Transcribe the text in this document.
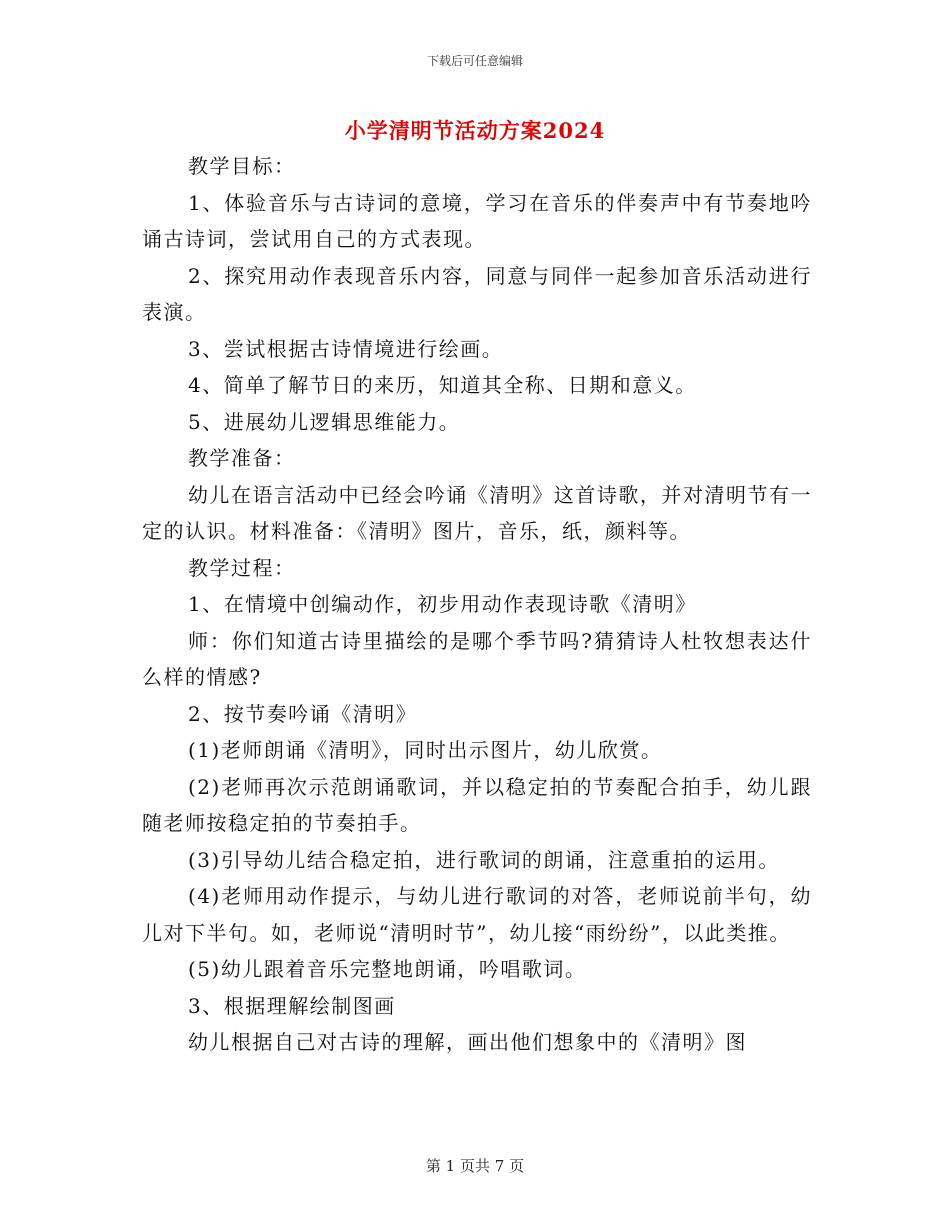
下载后可任意编辑
小学清明节活动方案2024

教学目标：

1、体验音乐与古诗词的意境，学习在音乐的伴奏声中有节奏地吟诵古诗词，尝试用自己的方式表现。

2、探究用动作表现音乐内容，同意与同伴一起参加音乐活动进行表演。

3、尝试根据古诗情境进行绘画。

4、简单了解节日的来历，知道其全称、日期和意义。

5、进展幼儿逻辑思维能力。

教学准备：

幼儿在语言活动中已经会吟诵《清明》这首诗歌，并对清明节有一定的认识。材料准备：《清明》图片，音乐，纸，颜料等。

教学过程：

1、在情境中创编动作，初步用动作表现诗歌《清明》

师：你们知道古诗里描绘的是哪个季节吗?猜猜诗人杜牧想表达什么样的情感?

2、按节奏吟诵《清明》

(1)老师朗诵《清明》，同时出示图片，幼儿欣赏。

(2)老师再次示范朗诵歌词，并以稳定拍的节奏配合拍手，幼儿跟随老师按稳定拍的节奏拍手。

(3)引导幼儿结合稳定拍，进行歌词的朗诵，注意重拍的运用。

(4)老师用动作提示，与幼儿进行歌词的对答，老师说前半句，幼儿对下半句。如，老师说“清明时节”，幼儿接“雨纷纷”，以此类推。

(5)幼儿跟着音乐完整地朗诵，吟唱歌词。

3、根据理解绘制图画

幼儿根据自己对古诗的理解，画出他们想象中的《清明》图

第 1 页共 7 页
